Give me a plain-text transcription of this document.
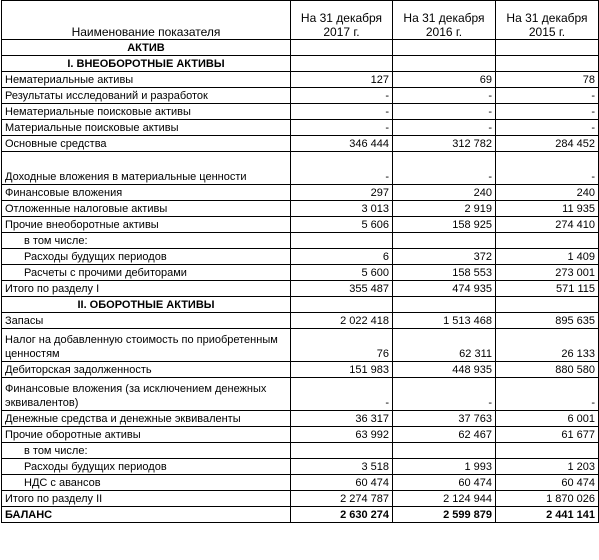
Наименование показателя	На 31 декабря 2017 г.	На 31 декабря 2016 г.	На 31 декабря 2015 г.
АКТИВ			
I. ВНЕОБОРОТНЫЕ АКТИВЫ			
Нематериальные активы	127	69	78
Результаты исследований и разработок	-	-	-
Нематериальные поисковые активы	-	-	-
Материальные поисковые активы	-	-	-
Основные средства	346 444	312 782	284 452
Доходные вложения в материальные ценности	-	-	-
Финансовые вложения	297	240	240
Отложенные налоговые активы	3 013	2 919	11 935
Прочие внеоборотные активы	5 606	158 925	274 410
в том числе:			
Расходы будущих периодов	6	372	1 409
Расчеты с прочими дебиторами	5 600	158 553	273 001
Итого по разделу I	355 487	474 935	571 115
II. ОБОРОТНЫЕ АКТИВЫ			
Запасы	2 022 418	1 513 468	895 635
Налог на добавленную стоимость по приобретенным ценностям	76	62 311	26 133
Дебиторская задолженность	151 983	448 935	880 580
Финансовые вложения (за исключением денежных эквивалентов)	-	-	-
Денежные средства и денежные эквиваленты	36 317	37 763	6 001
Прочие оборотные активы	63 992	62 467	61 677
в том числе:			
Расходы будущих периодов	3 518	1 993	1 203
НДС с авансов	60 474	60 474	60 474
Итого по разделу II	2 274 787	2 124 944	1 870 026
БАЛАНС	2 630 274	2 599 879	2 441 141
